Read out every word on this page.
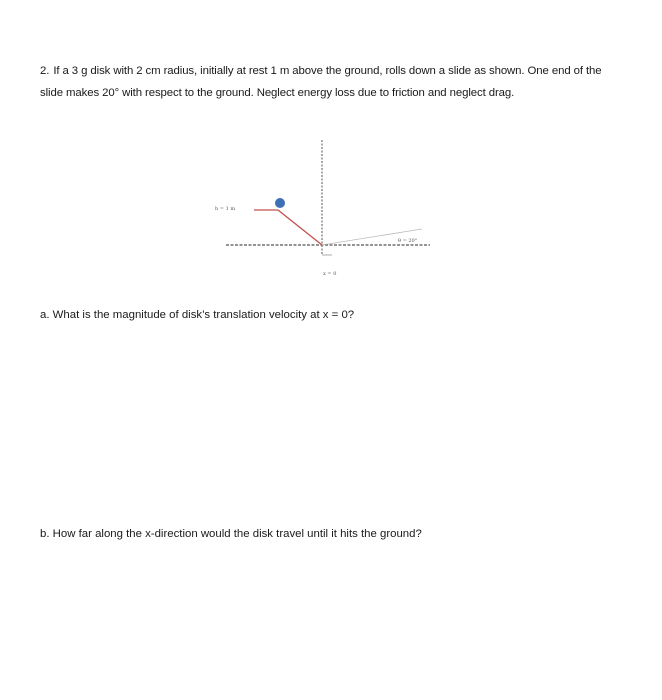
2. If a 3 g disk with 2 cm radius, initially at rest 1 m above the ground, rolls down a slide as shown. One end of the slide makes 20° with respect to the ground. Neglect energy loss due to friction and neglect drag.
h = 1 m
θ = 20°
x = 0
a. What is the magnitude of disk’s translation velocity at x = 0?
b. How far along the x-direction would the disk travel until it hits the ground?
